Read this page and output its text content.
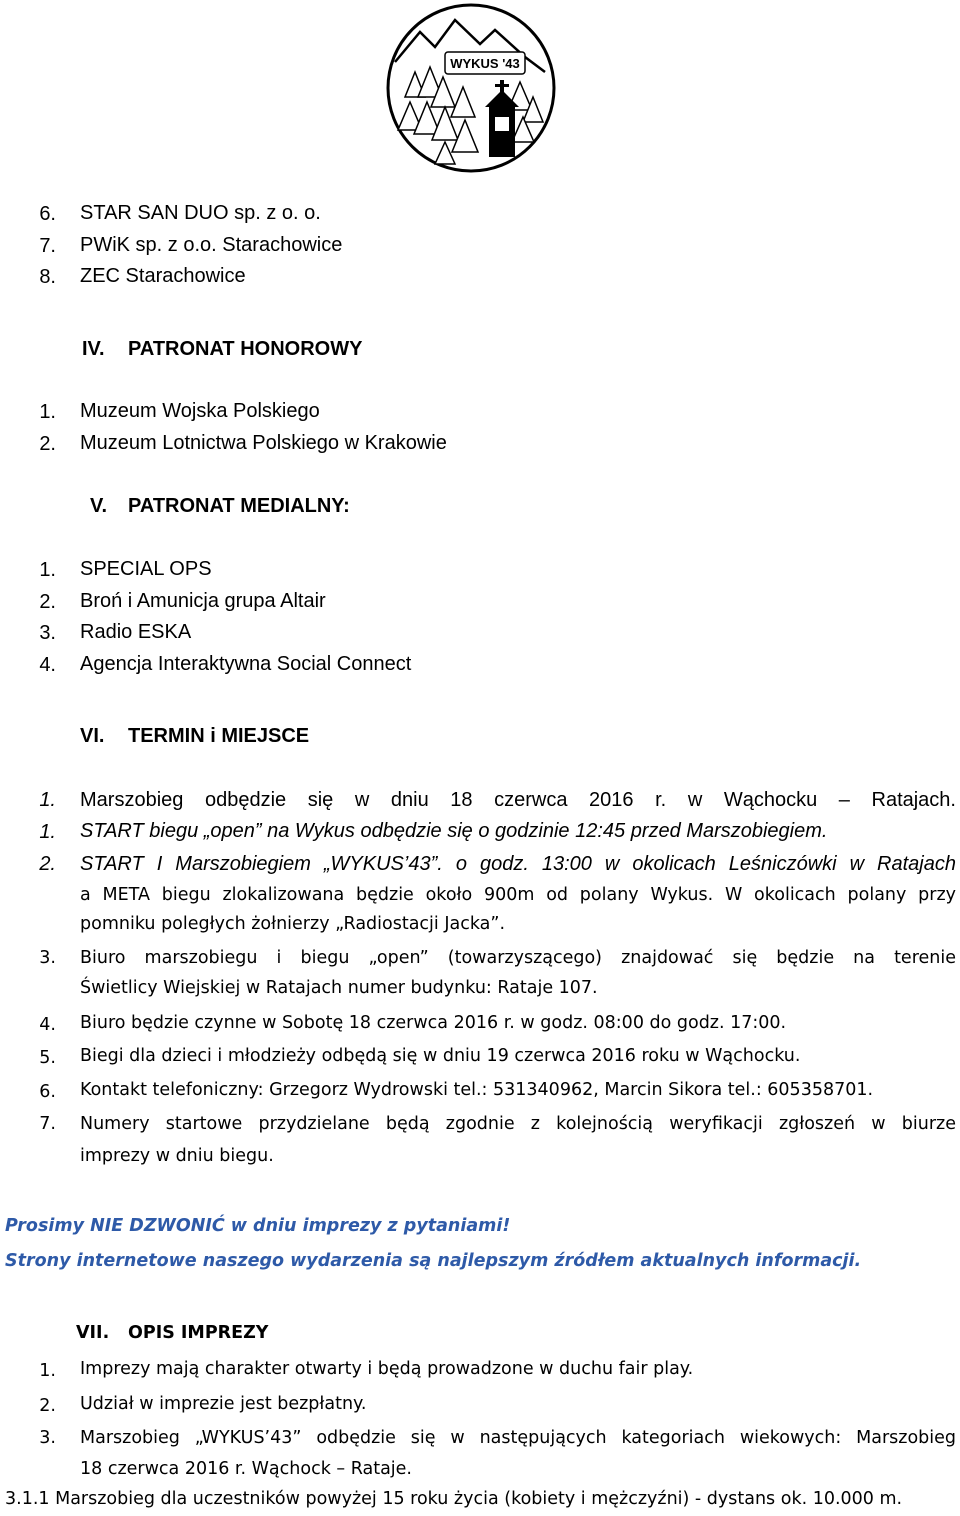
WYKUS '43
6. STAR SAN DUO sp. z o. o.
7. PWiK sp. z o.o. Starachowice
8. ZEC Starachowice
IV. PATRONAT HONOROWY
1. Muzeum Wojska Polskiego
2. Muzeum Lotnictwa Polskiego w Krakowie
V. PATRONAT MEDIALNY:
1. SPECIAL OPS
2. Broń i Amunicja grupa Altair
3. Radio ESKA
4. Agencja Interaktywna Social Connect
VI. TERMIN i MIEJSCE
1. Marszobieg odbędzie się w dniu 18 czerwca 2016 r. w Wąchocku – Ratajach.
1. START biegu „open” na Wykus odbędzie się o godzinie 12:45 przed Marszobiegiem.
2. START I Marszobiegiem „WYKUS’43”. o godz. 13:00 w okolicach Leśniczówki w Ratajach
a META biegu zlokalizowana będzie około 900m od polany Wykus. W okolicach polany przy
pomniku poległych żołnierzy „Radiostacji Jacka”.
3. Biuro marszobiegu i biegu „open” (towarzyszącego) znajdować się będzie na terenie
Świetlicy Wiejskiej w Ratajach numer budynku: Rataje 107.
4. Biuro będzie czynne w Sobotę 18 czerwca 2016 r. w godz. 08:00 do godz. 17:00.
5. Biegi dla dzieci i młodzieży odbędą się w dniu 19 czerwca 2016 roku w Wąchocku.
6. Kontakt telefoniczny: Grzegorz Wydrowski tel.: 531340962, Marcin Sikora tel.: 605358701.
7. Numery startowe przydzielane będą zgodnie z kolejnością weryfikacji zgłoszeń w biurze
imprezy w dniu biegu.
Prosimy NIE DZWONIĆ w dniu imprezy z pytaniami!
Strony internetowe naszego wydarzenia są najlepszym źródłem aktualnych informacji.
VII. OPIS IMPREZY
1. Imprezy mają charakter otwarty i będą prowadzone w duchu fair play.
2. Udział w imprezie jest bezpłatny.
3. Marszobieg „WYKUS’43” odbędzie się w następujących kategoriach wiekowych: Marszobieg
18 czerwca 2016 r. Wąchock – Rataje.
3.1.1 Marszobieg dla uczestników powyżej 15 roku życia (kobiety i mężczyźni) - dystans ok. 10.000 m.
